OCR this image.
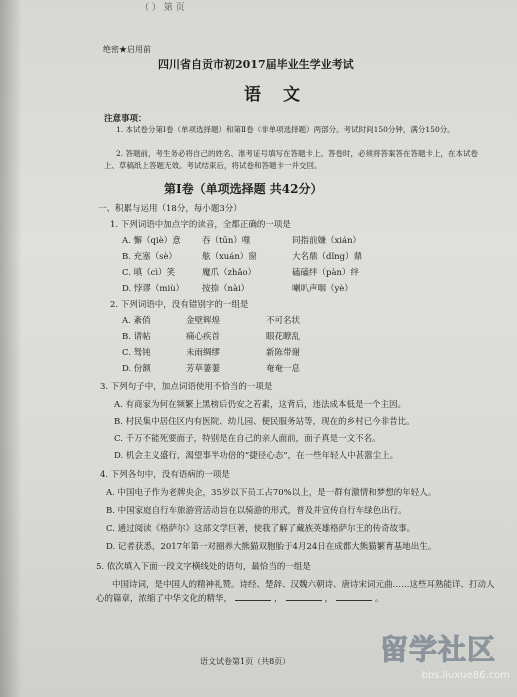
（ ） 第 页
绝密★启用前
四川省自贡市初2017届毕业生学业考试
语文
注意事项：
1. 本试卷分第Ⅰ卷（单项选择题）和第Ⅱ卷（非单项选择题）两部分。考试时间150分钟，满分150分。
2. 答题前，考生务必将自己的姓名、准考证号填写在答题卡上。答卷时，必须将答案答在答题卡上，在本试卷上、草稿纸上答题无效。考试结束后，将试卷和答题卡一并交回。
第Ⅰ卷（单项选择题 共42分）
一、积累与运用（18分，每小题3分）
1. 下列词语中加点字的读音，全都正确的一项是
A. 懈（qiè）意	吞（tūn）噬	同指前嫌（xián）
B. 充塞（sè）	舷（xuán）窗	大名鼎（dǐng）鼎
C. 嗔（cì）笑	魔爪（zhǎo）	磕磕绊（pàn）绊
D. 悖谬（miù） 按捺（nài）	喇叭声咽（yè）
2. 下列词语中，没有错别字的一组是
A. 紊俏	金壁辉煌	不可名状
B. 请帖	痛心疾首	眼花瞭乱
C. 驽钝	未雨绸缪	新陈带谢
D. 份额	芳草萋萋	奄奄一息
3. 下列句子中，加点词语使用不恰当的一项是
A. 有商家为何在频繁上黑榜后仍安之若素，这背后，违法成本低是一个主因。
B. 村民集中居住区内有医院、幼儿园、便民服务站等，现在的乡村已今非昔比。
C. 千万不能死要面子，特别是在自己的亲人面前，面子真是一文不名。
D. 机会主义盛行，渴望事半功倍的“捷径心态”，在一些年轻人中甚嚣尘上。
4. 下列各句中，没有语病的一项是
A. 中国电子作为老牌央企，35岁以下员工占70%以上，是一群有激情和梦想的年轻人。
B. 中国家庭自行车旅游营活动旨在以骑游的形式，普及并宣传自行车绿色出行。
C. 通过阅读《格萨尔》这部文学巨著，使我了解了藏族英雄格萨尔王的传奇故事。
D. 记者获悉，2017年第一对圈养大熊猫双胞胎于4月24日在成都大熊猫繁育基地出生。
5. 依次填入下面一段文字横线处的语句，最恰当的一组是
中国诗词，是中国人的精神礼赞。诗经、楚辞、汉魏六朝诗、唐诗宋词元曲……这些耳熟能详、打动人心的篇章，浓缩了中华文化的精华，	，	，	。
语文试卷第1页（共8页）	留学社区
bbs.liuxue86.com
